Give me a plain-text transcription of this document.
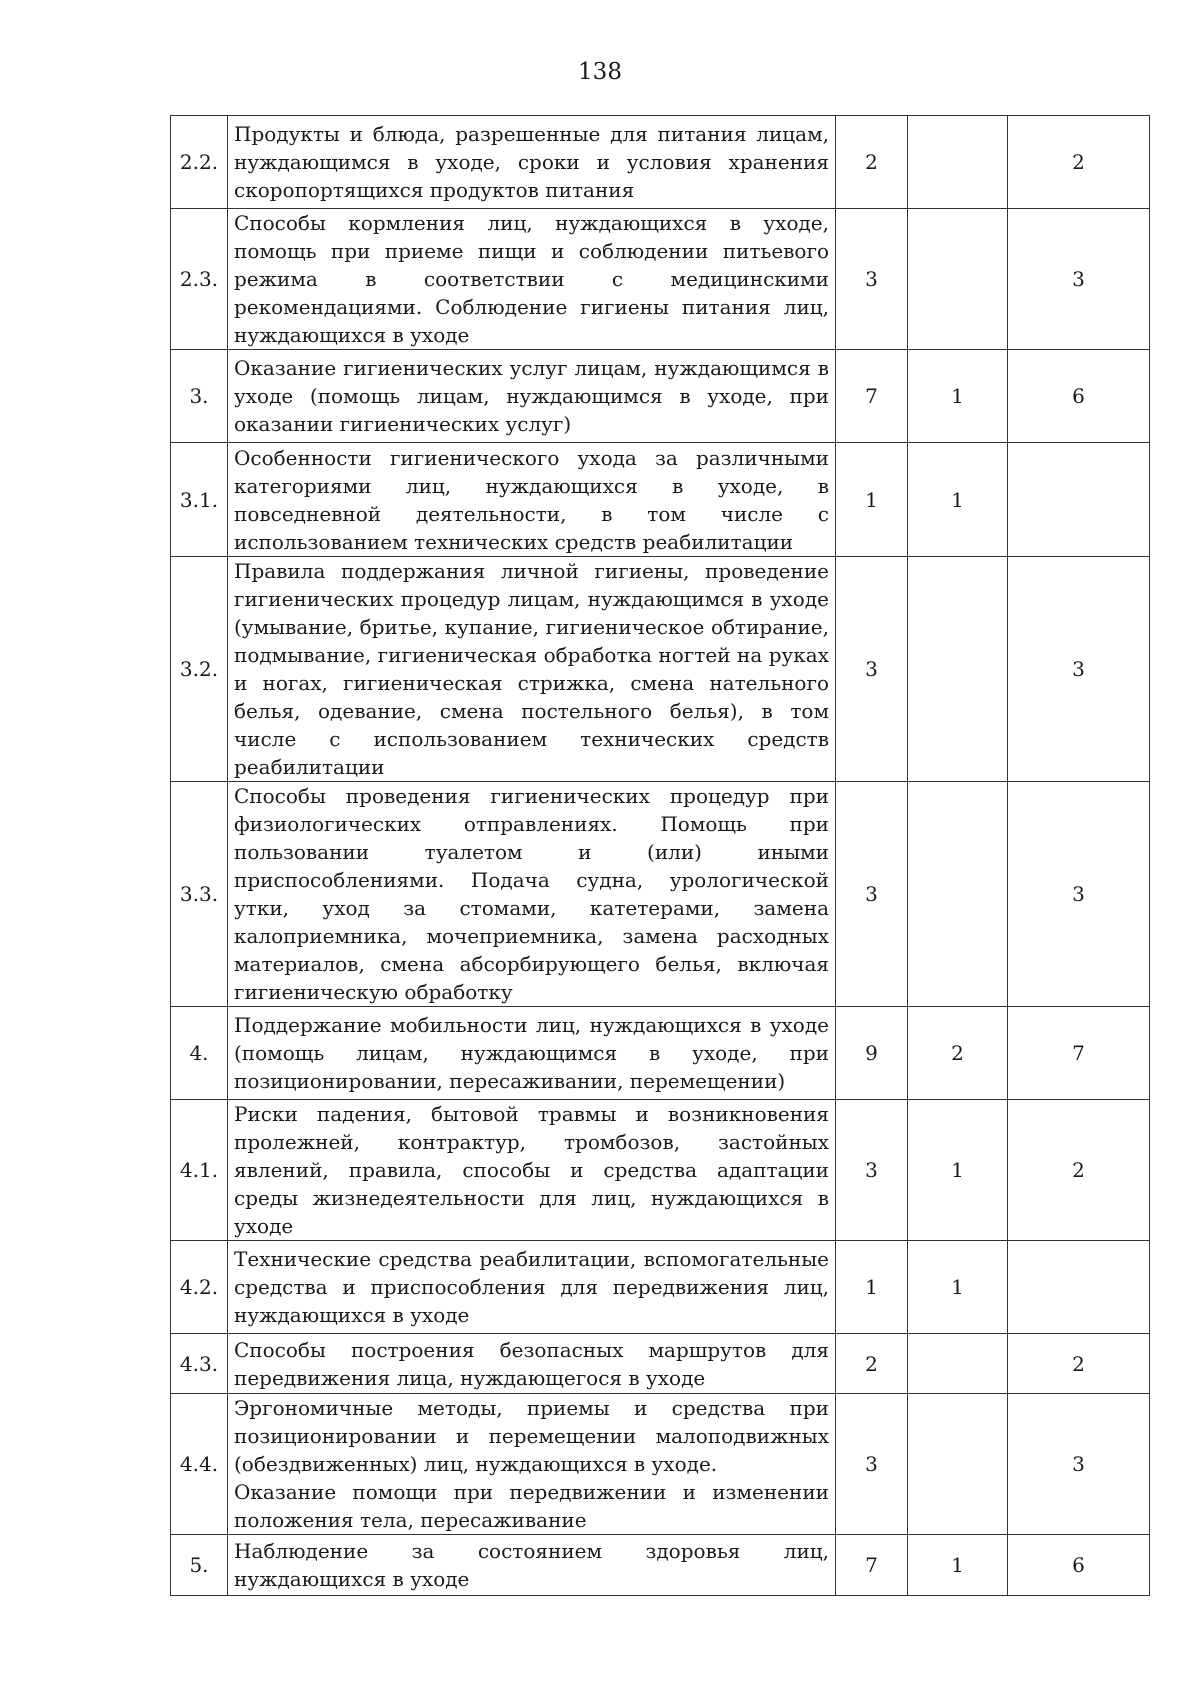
138
2.2.	Продукты и блюда, разрешенные для питания лицам, нуждающимся в уходе, сроки и условия хранения скоропортящихся продуктов питания	2		2
2.3.	Способы кормления лиц, нуждающихся в уходе, помощь при приеме пищи и соблюдении питьевого режима в соответствии с медицинскими рекомендациями. Соблюдение гигиены питания лиц, нуждающихся в уходе	3		3
3.	Оказание гигиенических услуг лицам, нуждающимся в уходе (помощь лицам, нуждающимся в уходе, при оказании гигиенических услуг)	7	1	6
3.1.	Особенности гигиенического ухода за различными категориями лиц, нуждающихся в уходе, в повседневной деятельности, в том числе с использованием технических средств реабилитации	1	1	
3.2.	Правила поддержания личной гигиены, проведение гигиенических процедур лицам, нуждающимся в уходе (умывание, бритье, купание, гигиеническое обтирание, подмывание, гигиеническая обработка ногтей на руках и ногах, гигиеническая стрижка, смена нательного белья, одевание, смена постельного белья), в том числе с использованием технических средств реабилитации	3		3
3.3.	Способы проведения гигиенических процедур при физиологических отправлениях. Помощь при пользовании туалетом и (или) иными приспособлениями. Подача судна, урологической утки, уход за стомами, катетерами, замена калоприемника, мочеприемника, замена расходных материалов, смена абсорбирующего белья, включая гигиеническую обработку	3		3
4.	Поддержание мобильности лиц, нуждающихся в уходе (помощь лицам, нуждающимся в уходе, при позиционировании, пересаживании, перемещении)	9	2	7
4.1.	Риски падения, бытовой травмы и возникновения пролежней, контрактур, тромбозов, застойных явлений, правила, способы и средства адаптации среды жизнедеятельности для лиц, нуждающихся в уходе	3	1	2
4.2.	Технические средства реабилитации, вспомогательные средства и приспособления для передвижения лиц, нуждающихся в уходе	1	1	
4.3.	Способы построения безопасных маршрутов для передвижения лица, нуждающегося в уходе	2		2
4.4.	Эргономичные методы, приемы и средства при позиционировании и перемещении малоподвижных (обездвиженных) лиц, нуждающихся в уходе.
Оказание помощи при передвижении и изменении положения тела, пересаживание	3		3
5.	Наблюдение за состоянием здоровья лиц, нуждающихся в уходе	7	1	6
